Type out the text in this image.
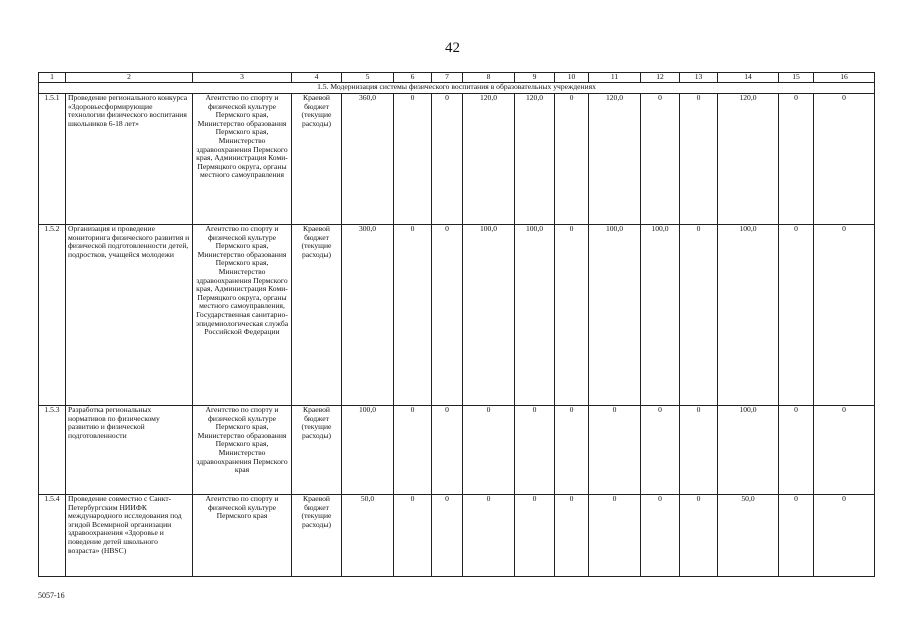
42
1	2	3	4	5	6	7	8	9	10	11	12	13	14	15	16
1.5. Модернизация системы физического воспитания в образовательных учреждениях															
1.5.1	Проведение регионального конкурса «Здоровьесформирующие технологии физического воспитания школьников 6-18 лет»	Агентство по спорту и физической культуре Пермского края, Министерство образования Пермского края, Министерство здравоохранения Пермского края, Администрация Коми-Пермяцкого округа, органы местного самоуправления	Краевой бюджет (текущие расходы)	360,0	0	0	120,0	120,0	0	120,0	0	0	120,0	0	0
1.5.2	Организация и проведение мониторинга физического развития и физической подготовленности детей, подростков, учащейся молодежи	Агентство по спорту и физической культуре Пермского края, Министерство образования Пермского края, Министерство здравоохранения Пермского края, Администрация Коми-Пермяцкого округа, органы местного самоуправления, Государственная санитарно-эпидемиологическая служба Российской Федерации	Краевой бюджет (текущие расходы)	300,0	0	0	100,0	100,0	0	100,0	100,0	0	100,0	0	0
1.5.3	Разработка региональных нормативов по физическому развитию и физической подготовленности	Агентство по спорту и физической культуре Пермского края, Министерство образования Пермского края, Министерство здравоохранения Пермского края	Краевой бюджет (текущие расходы)	100,0	0	0	0	0	0	0	0	0	100,0	0	0
1.5.4	Проведение совместно с Санкт-Петербургским НИИФК международного исследования под эгидой Всемирной организации здравоохранения «Здоровье и поведение детей школьного возраста» (HBSC)	Агентство по спорту и физической культуре Пермского края	Краевой бюджет (текущие расходы)	50,0	0	0	0	0	0	0	0	0	50,0	0	0
5057-16
